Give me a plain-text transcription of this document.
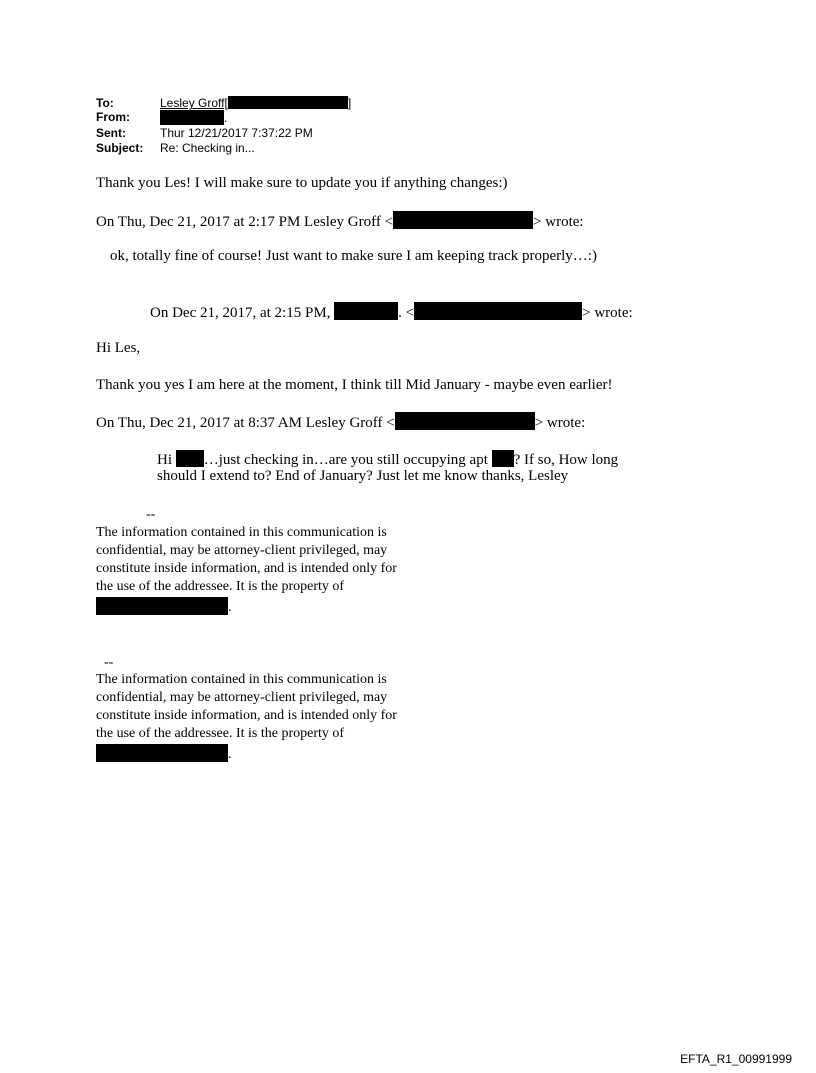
To:	Lesley Groff[	]
From:	.
Sent:	Thur 12/21/2017 7:37:22 PM
Subject: Re: Checking in...
Thank you Les! I will make sure to update you if anything changes:)
On Thu, Dec 21, 2017 at 2:17 PM Lesley Groff <	> wrote:
ok, totally fine of course! Just want to make sure I am keeping track properly…:)
On Dec 21, 2017, at 2:15 PM,	. <	> wrote:
Hi Les,
Thank you yes I am here at the moment, I think till Mid January - maybe even earlier!
On Thu, Dec 21, 2017 at 8:37 AM Lesley Groff <	> wrote:
Hi …just checking in…are you still occupying apt ? If so, How long
should I extend to? End of January? Just let me know thanks, Lesley
--
The information contained in this communication is
confidential, may be attorney-client privileged, may
constitute inside information, and is intended only for
the use of the addressee. It is the property of
.
--
The information contained in this communication is
confidential, may be attorney-client privileged, may
constitute inside information, and is intended only for
the use of the addressee. It is the property of
.
EFTA_R1_00991999
